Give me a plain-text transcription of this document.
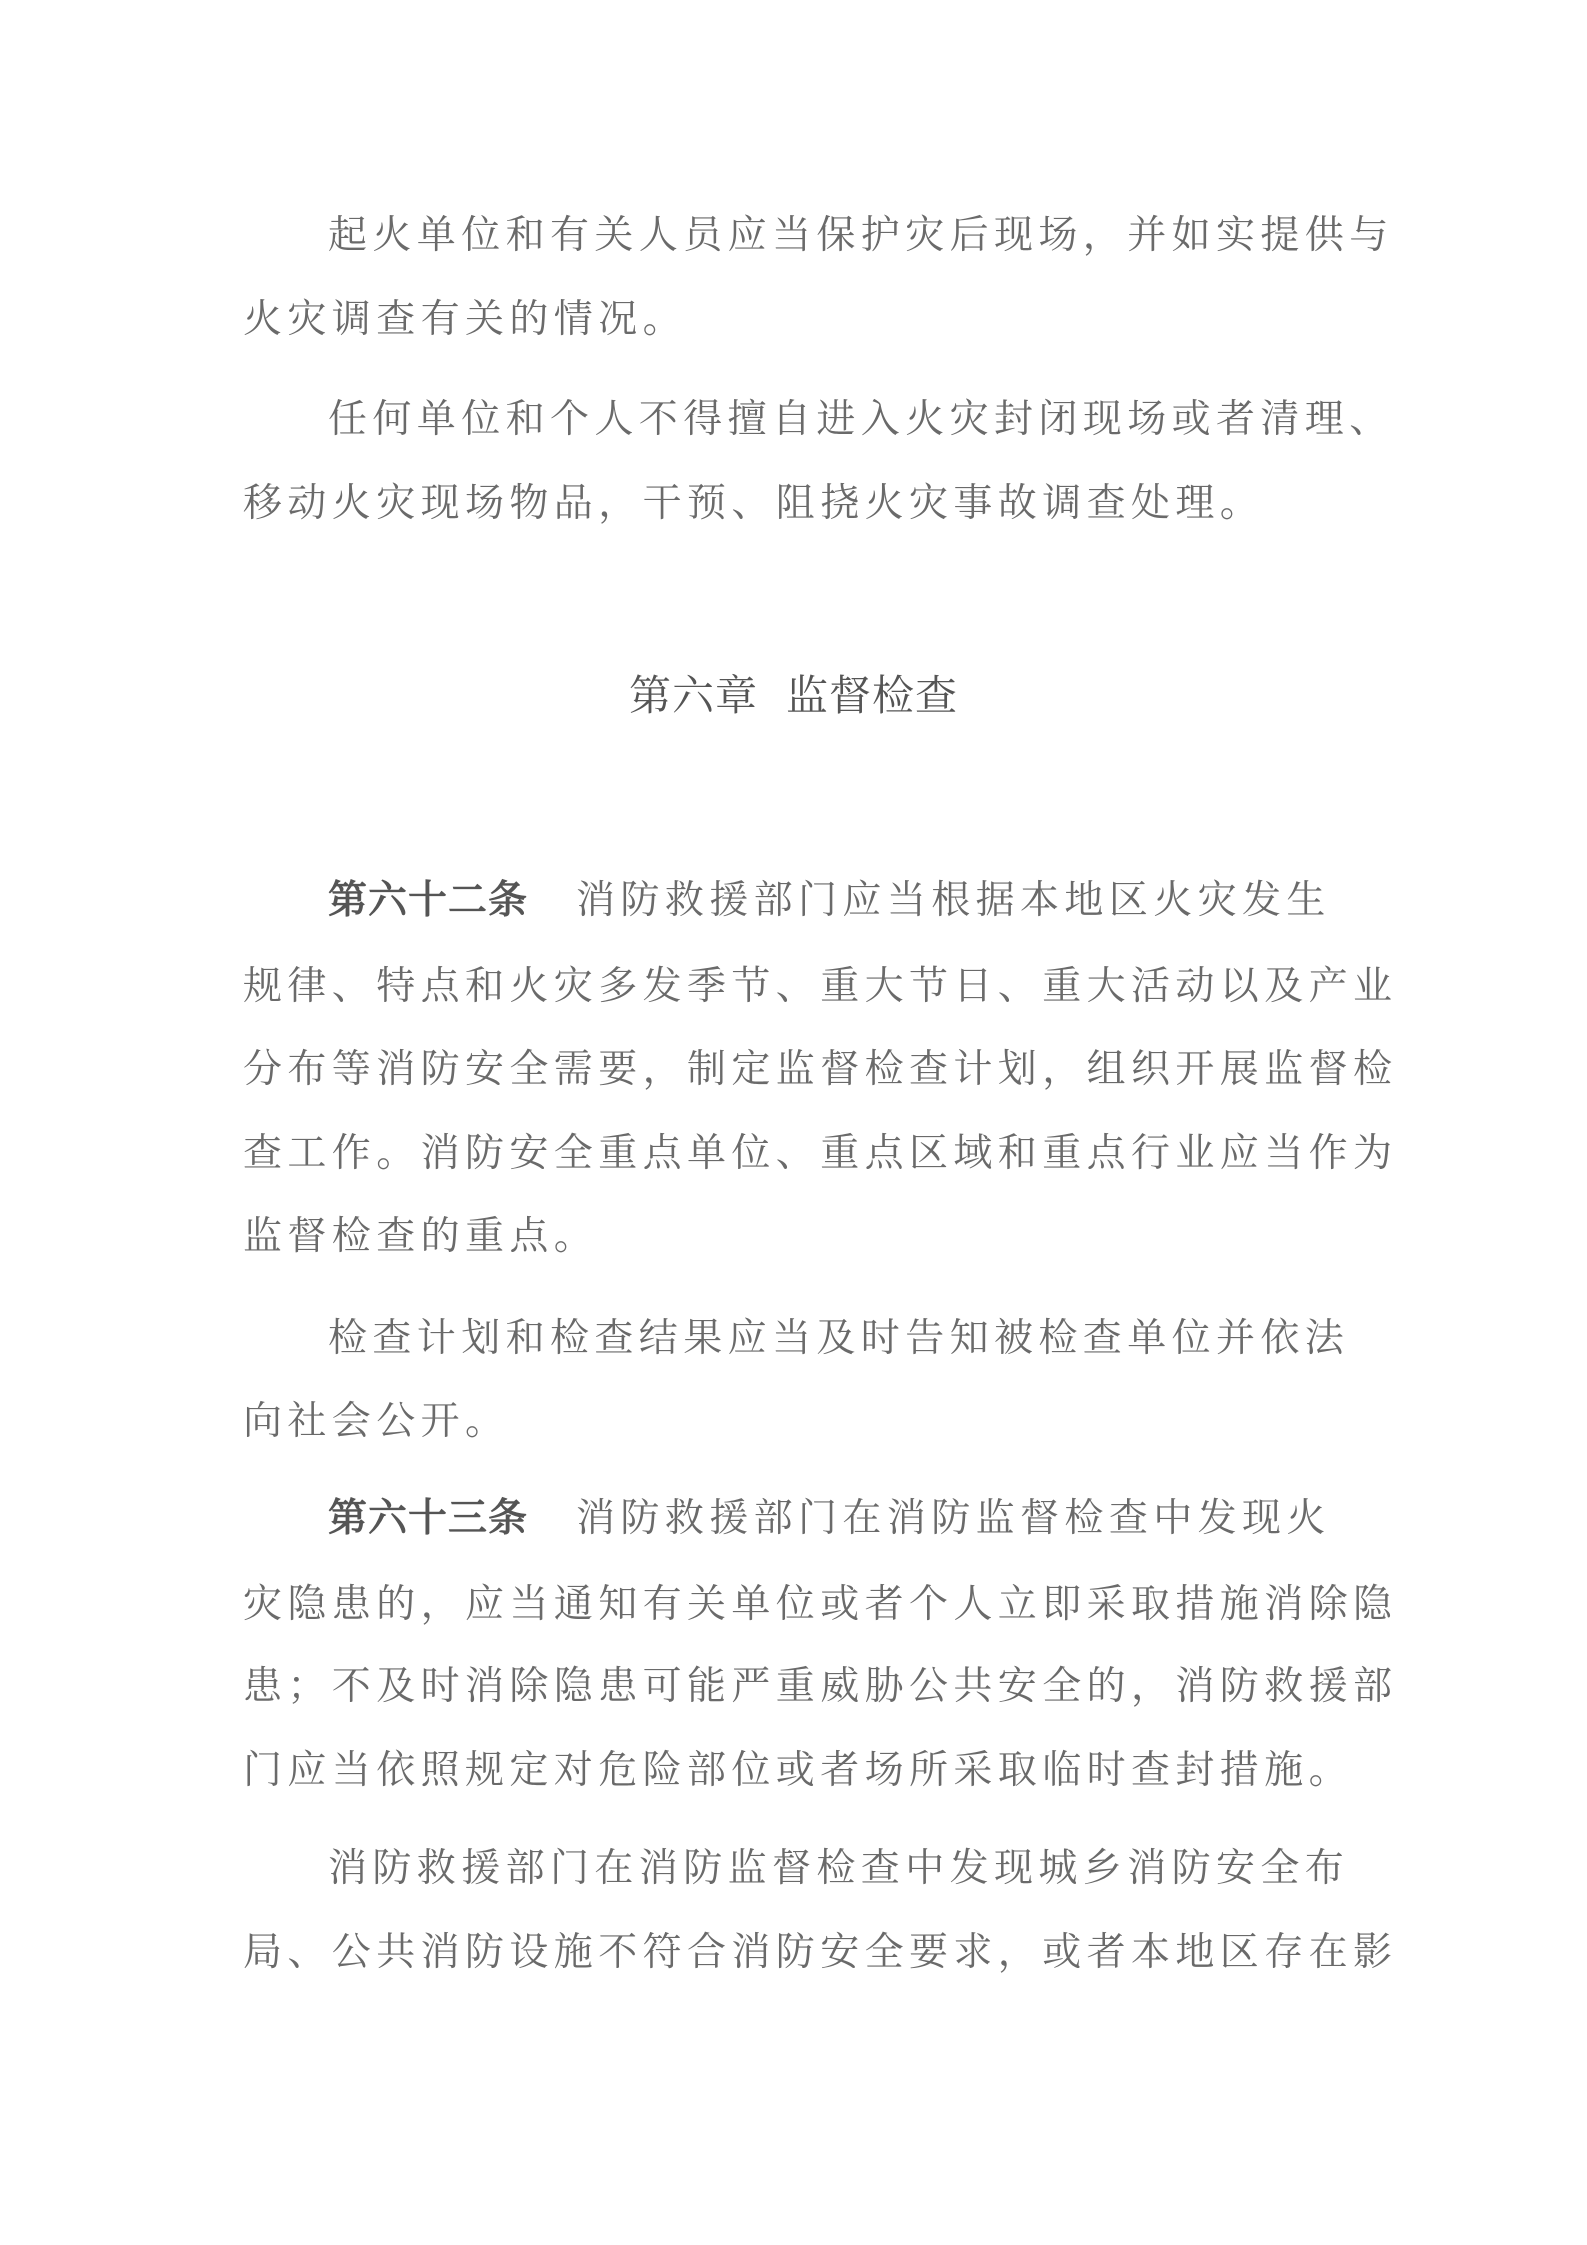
起火单位和有关人员应当保护灾后现场，并如实提供与
火灾调查有关的情况。
任何单位和个人不得擅自进入火灾封闭现场或者清理、
移动火灾现场物品，干预、阻挠火灾事故调查处理。
第六章 监督检查
第六十二条 消防救援部门应当根据本地区火灾发生
规律、特点和火灾多发季节、重大节日、重大活动以及产业
分布等消防安全需要，制定监督检查计划，组织开展监督检
查工作。消防安全重点单位、重点区域和重点行业应当作为
监督检查的重点。
检查计划和检查结果应当及时告知被检查单位并依法
向社会公开。
第六十三条 消防救援部门在消防监督检查中发现火
灾隐患的，应当通知有关单位或者个人立即采取措施消除隐
患；不及时消除隐患可能严重威胁公共安全的，消防救援部
门应当依照规定对危险部位或者场所采取临时查封措施。
消防救援部门在消防监督检查中发现城乡消防安全布
局、公共消防设施不符合消防安全要求，或者本地区存在影
